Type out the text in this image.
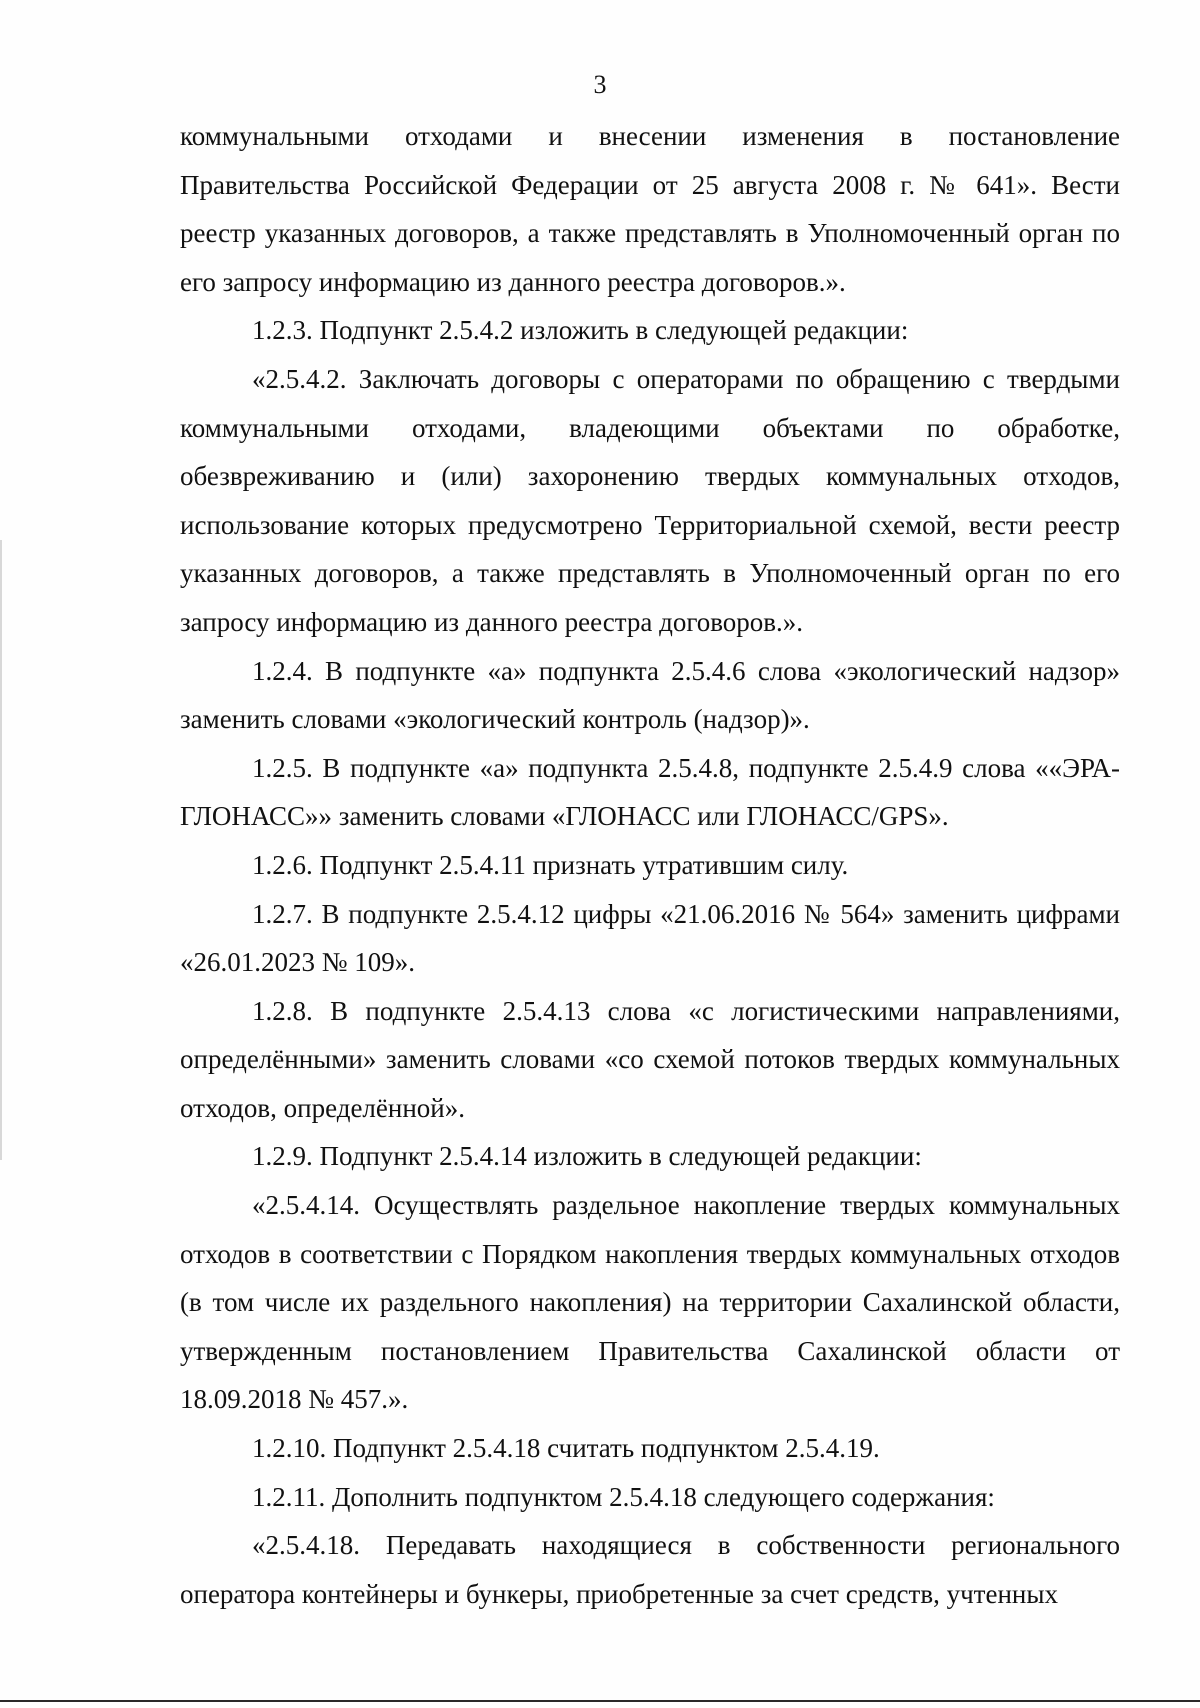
3

коммунальными отходами и внесении изменения в постановление Правительства Российской Федерации от 25 августа 2008 г. № 641». Вести реестр указанных договоров, а также представлять в Уполномоченный орган по его запросу информацию из данного реестра договоров.».

1.2.3. Подпункт 2.5.4.2 изложить в следующей редакции:

«2.5.4.2. Заключать договоры с операторами по обращению с твердыми коммунальными отходами, владеющими объектами по обработке, обезвреживанию и (или) захоронению твердых коммунальных отходов, использование которых предусмотрено Территориальной схемой, вести реестр указанных договоров, а также представлять в Уполномоченный орган по его запросу информацию из данного реестра договоров.».

1.2.4. В подпункте «а» подпункта 2.5.4.6 слова «экологический надзор» заменить словами «экологический контроль (надзор)».

1.2.5. В подпункте «а» подпункта 2.5.4.8, подпункте 2.5.4.9 слова ««ЭРА-ГЛОНАСС»» заменить словами «ГЛОНАСС или ГЛОНАСС/GPS».

1.2.6. Подпункт 2.5.4.11 признать утратившим силу.

1.2.7. В подпункте 2.5.4.12 цифры «21.06.2016 № 564» заменить цифрами «26.01.2023 № 109».

1.2.8. В подпункте 2.5.4.13 слова «с логистическими направлениями, определёнными» заменить словами «со схемой потоков твердых коммунальных отходов, определённой».

1.2.9. Подпункт 2.5.4.14 изложить в следующей редакции:

«2.5.4.14. Осуществлять раздельное накопление твердых коммунальных отходов в соответствии с Порядком накопления твердых коммунальных отходов (в том числе их раздельного накопления) на территории Сахалинской области, утвержденным постановлением Правительства Сахалинской области от 18.09.2018 № 457.».

1.2.10. Подпункт 2.5.4.18 считать подпунктом 2.5.4.19.

1.2.11. Дополнить подпунктом 2.5.4.18 следующего содержания:

«2.5.4.18. Передавать находящиеся в собственности регионального оператора контейнеры и бункеры, приобретенные за счет средств, учтенных
